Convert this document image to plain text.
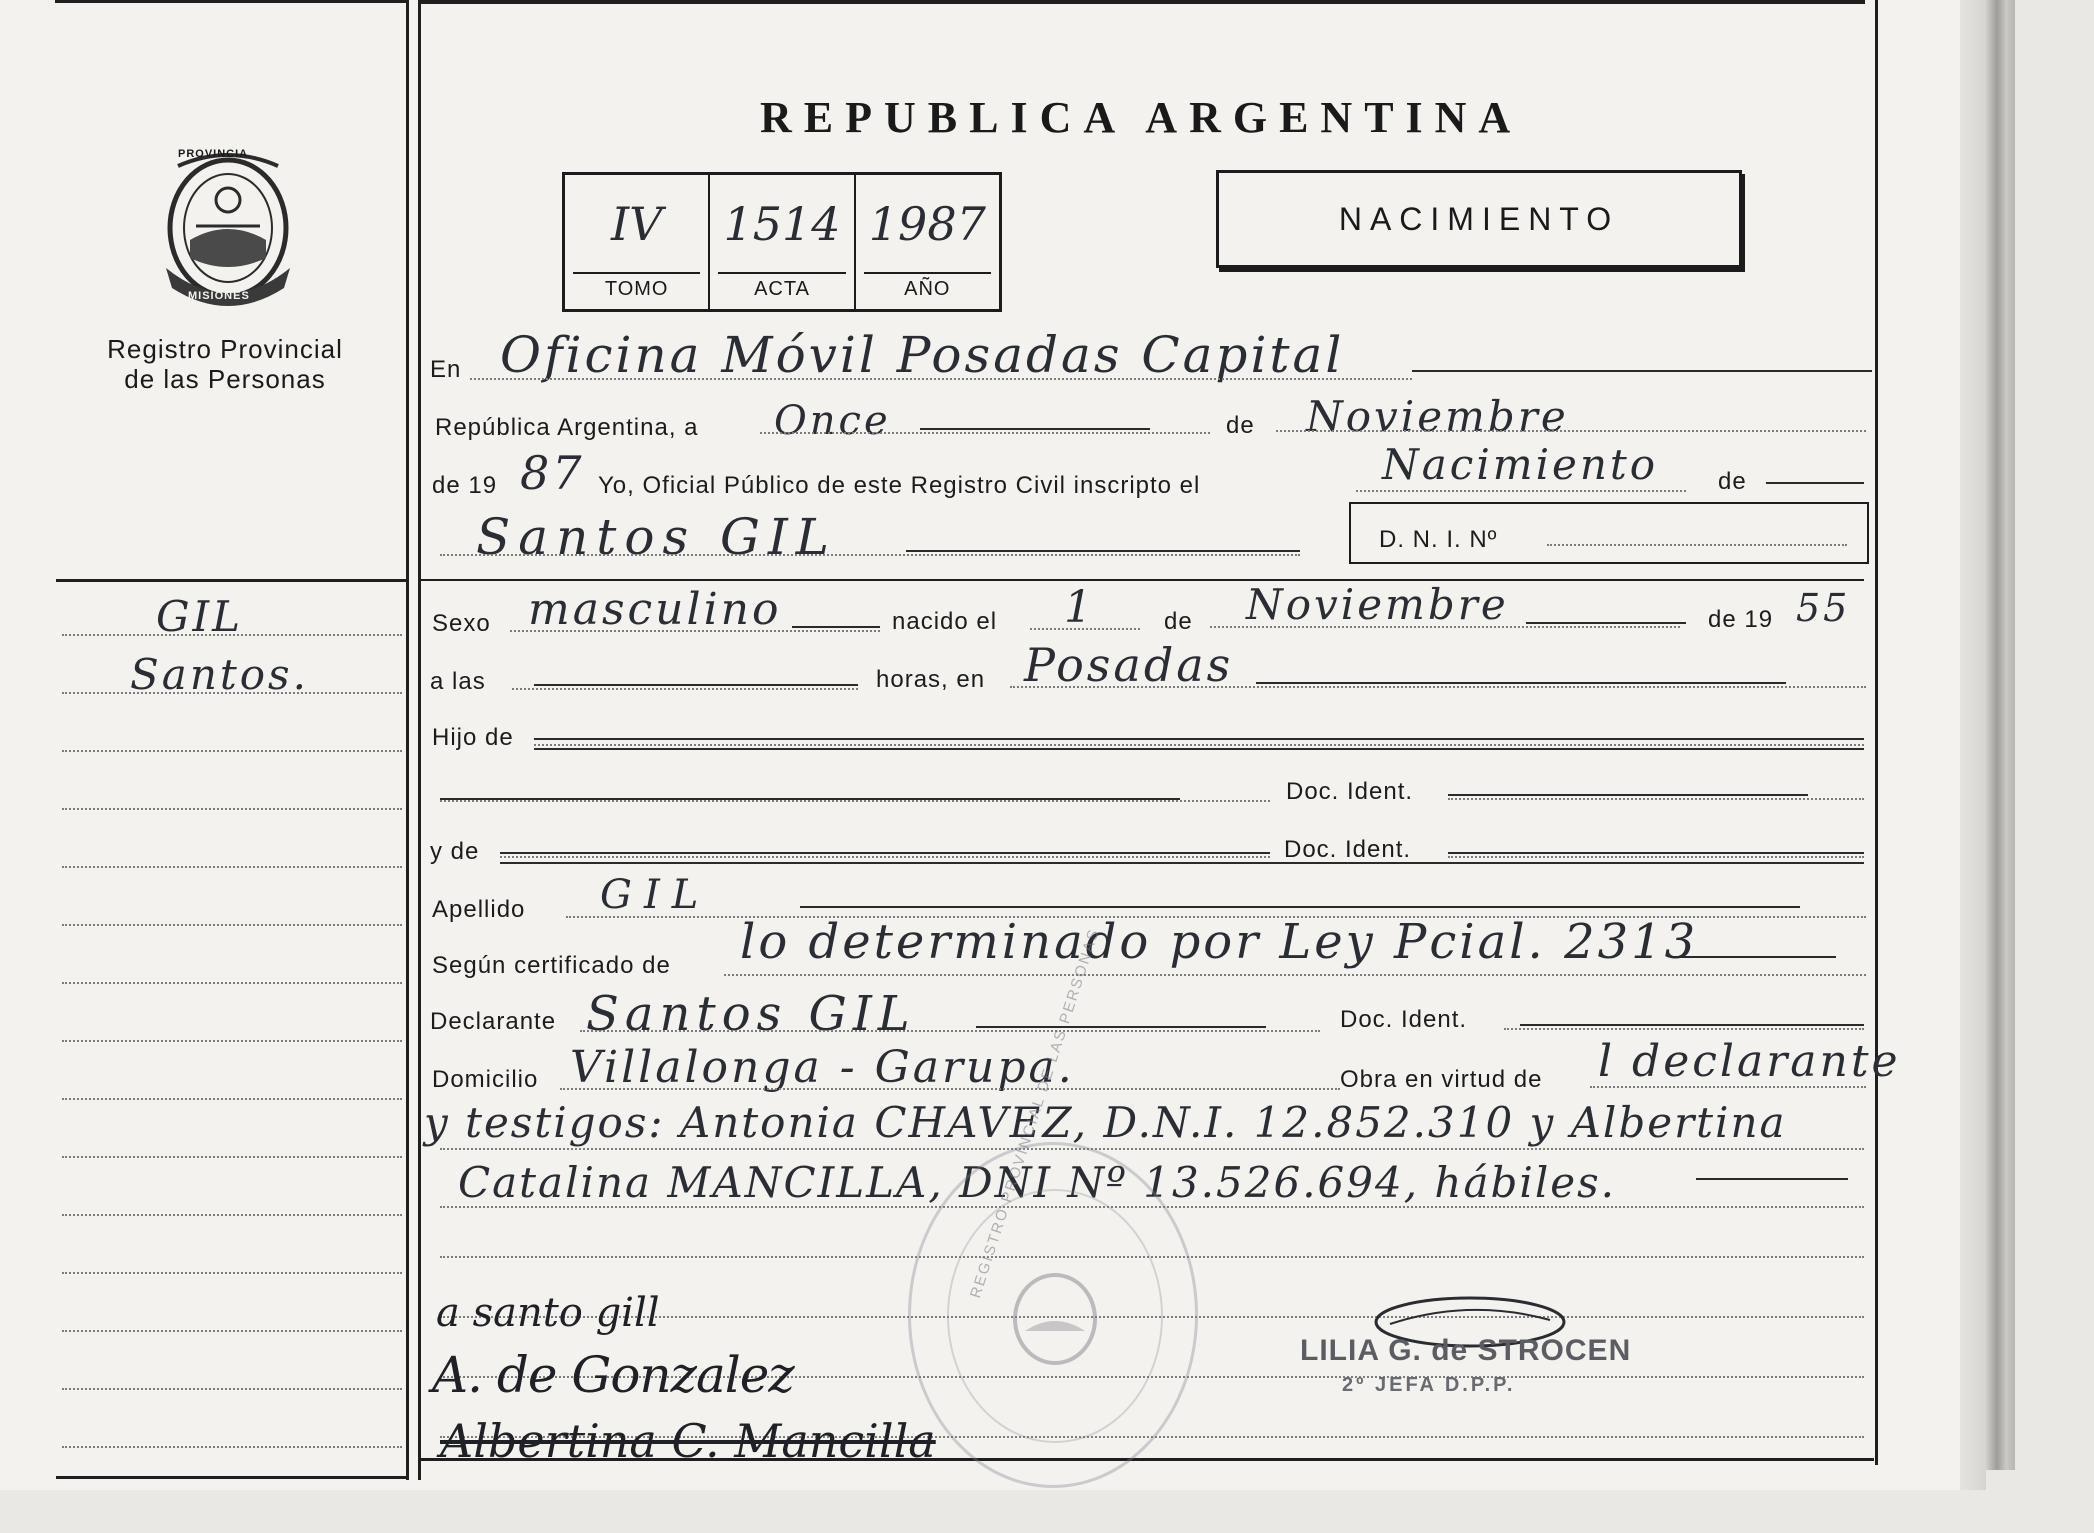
PROVINCIA
MISIONES
Registro Provincial
de las Personas
GIL
Santos.
REPUBLICA ARGENTINA
IV
TOMO
1514
ACTA
1987
AÑO
NACIMIENTO
En Oficina Móvil Posadas Capital
República Argentina, a Once	de Noviembre
de 19 87 Yo, Oficial Público de este Registro Civil inscripto el	Nacimiento de
Santos GIL	D. N. I. Nº
Sexo masculino	nacido el 1	de Noviembre	de 19 55
a las	horas, en Posadas
Hijo de
Doc. Ident.
y de	Doc. Ident.
Apellido GIL
Según certificado de lo determinado por Ley Pcial. 2313
Declarante Santos GIL	Doc. Ident.
Domicilio Villalonga - Garupa.	Obra en virtud de l declarante
y testigos: Antonia CHAVEZ, D.N.I. 12.852.310 y Albertina
Catalina MANCILLA, DNI Nº 13.526.694, hábiles.
REGISTRO PROVINCIAL DE LAS PERSONAS
a santo gill
A. de Gonzalez
Albertina C. Mancilla
LILIA G. de STROCEN
2º JEFA D.P.P.
